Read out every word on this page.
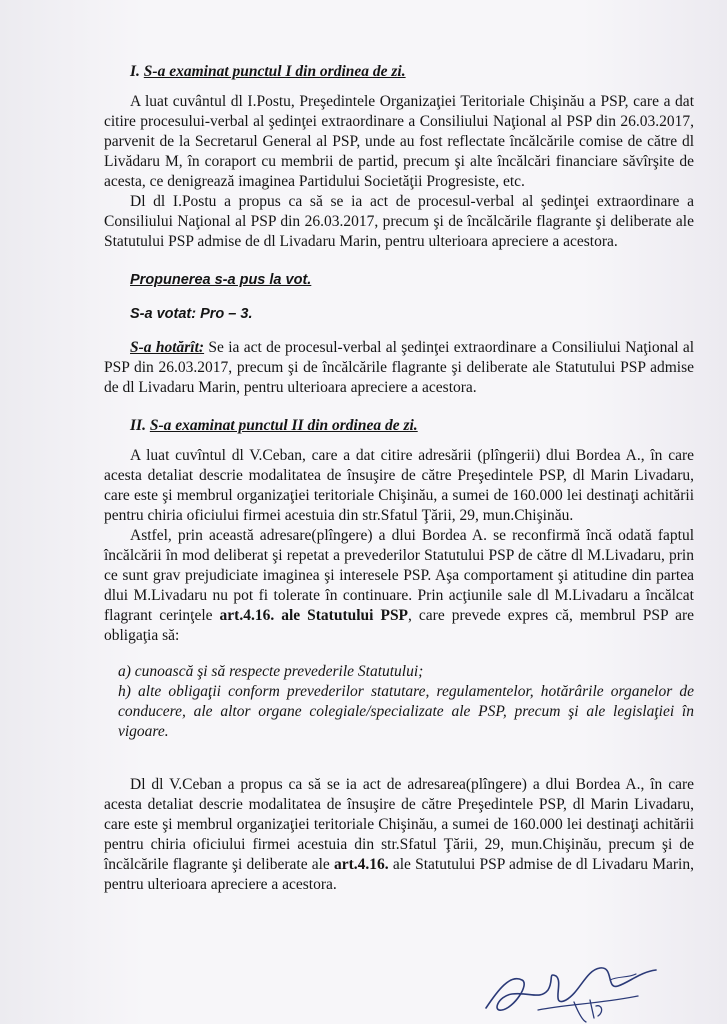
I. S-a examinat punctul I din ordinea de zi.

A luat cuvântul dl I.Postu, Preşedintele Organizaţiei Teritoriale Chişinău a PSP, care a dat citire procesului-verbal al şedinţei extraordinare a Consiliului Naţional al PSP din 26.03.2017, parvenit de la Secretarul General al PSP, unde au fost reflectate încălcările comise de către dl Livădaru M, în coraport cu membrii de partid, precum şi alte încălcări financiare săvîrşite de acesta, ce denigrează imaginea Partidului Societăţii Progresiste, etc.

Dl dl I.Postu a propus ca să se ia act de procesul-verbal al şedinţei extraordinare a Consiliului Naţional al PSP din 26.03.2017, precum şi de încălcările flagrante şi deliberate ale Statutului PSP admise de dl Livadaru Marin, pentru ulterioara apreciere a acestora.

Propunerea s-a pus la vot.

S-a votat: Pro – 3.

S-a hotărît: Se ia act de procesul-verbal al şedinţei extraordinare a Consiliului Naţional al PSP din 26.03.2017, precum şi de încălcările flagrante şi deliberate ale Statutului PSP admise de dl Livadaru Marin, pentru ulterioara apreciere a acestora.

II. S-a examinat punctul II din ordinea de zi.

A luat cuvîntul dl V.Ceban, care a dat citire adresării (plîngerii) dlui Bordea A., în care acesta detaliat descrie modalitatea de însuşire de către Preşedintele PSP, dl Marin Livadaru, care este şi membrul organizaţiei teritoriale Chişinău, a sumei de 160.000 lei destinaţi achitării pentru chiria oficiului firmei acestuia din str.Sfatul Ţării, 29, mun.Chişinău.

Astfel, prin această adresare(plîngere) a dlui Bordea A. se reconfirmă încă odată faptul încălcării în mod deliberat şi repetat a prevederilor Statutului PSP de către dl M.Livadaru, prin ce sunt grav prejudiciate imaginea şi interesele PSP. Aşa comportament şi atitudine din partea dlui M.Livadaru nu pot fi tolerate în continuare. Prin acţiunile sale dl M.Livadaru a încălcat flagrant cerinţele art.4.16. ale Statutului PSP, care prevede expres că, membrul PSP are obligaţia să:

a) cunoască şi să respecte prevederile Statutului;
h) alte obligaţii conform prevederilor statutare, regulamentelor, hotărârile organelor de conducere, ale altor organe colegiale/specializate ale PSP, precum şi ale legislaţiei în vigoare.

Dl dl V.Ceban a propus ca să se ia act de adresarea(plîngere) a dlui Bordea A., în care acesta detaliat descrie modalitatea de însuşire de către Preşedintele PSP, dl Marin Livadaru, care este şi membrul organizaţiei teritoriale Chişinău, a sumei de 160.000 lei destinaţi achitării pentru chiria oficiului firmei acestuia din str.Sfatul Ţării, 29, mun.Chişinău, precum şi de încălcările flagrante şi deliberate ale art.4.16. ale Statutului PSP admise de dl Livadaru Marin, pentru ulterioara apreciere a acestora.
